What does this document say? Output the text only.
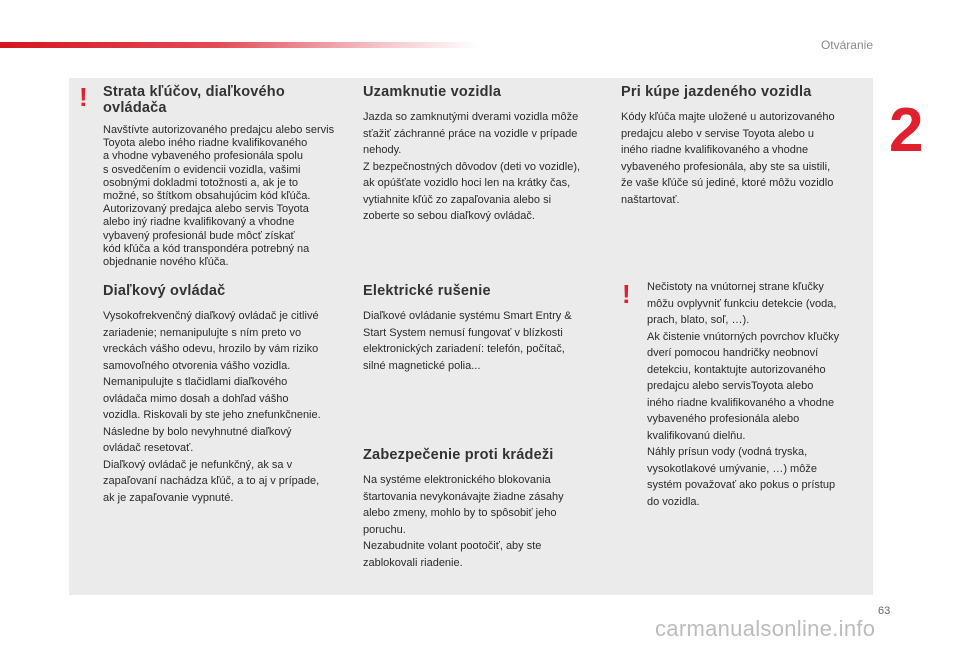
Otváranie
2
! Strata kľúčov, diaľkového
ovládača

Navštívte autorizovaného predajcu alebo servis
Toyota alebo iného riadne kvalifikovaného
a vhodne vybaveného profesionála spolu
s osvedčením o evidencii vozidla, vašimi
osobnými dokladmi totožnosti a, ak je to
možné, so štítkom obsahujúcim kód kľúča.
Autorizovaný predajca alebo servis Toyota
alebo iný riadne kvalifikovaný a vhodne
vybavený profesionál bude môcť získať
kód kľúča a kód transpondéra potrebný na
objednanie nového kľúča.

Diaľkový ovládač

Vysokofrekvenčný diaľkový ovládač je citlivé
zariadenie; nemanipulujte s ním preto vo
vreckách vášho odevu, hrozilo by vám riziko
samovoľného otvorenia vášho vozidla.
Nemanipulujte s tlačidlami diaľkového
ovládača mimo dosah a dohľad vášho
vozidla. Riskovali by ste jeho znefunkčnenie.
Následne by bolo nevyhnutné diaľkový
ovládač resetovať.
Diaľkový ovládač je nefunkčný, ak sa v
zapaľovaní nachádza kľúč, a to aj v prípade,
ak je zapaľovanie vypnuté.

Uzamknutie vozidla

Jazda so zamknutými dverami vozidla môže
sťažiť záchranné práce na vozidle v prípade
nehody.
Z bezpečnostných dôvodov (deti vo vozidle),
ak opúšťate vozidlo hoci len na krátky čas,
vytiahnite kľúč zo zapaľovania alebo si
zoberte so sebou diaľkový ovládač.

Elektrické rušenie

Diaľkové ovládanie systému Smart Entry &
Start System nemusí fungovať v blízkosti
elektronických zariadení: telefón, počítač,
silné magnetické polia...

Zabezpečenie proti krádeži

Na systéme elektronického blokovania
štartovania nevykonávajte žiadne zásahy
alebo zmeny, mohlo by to spôsobiť jeho
poruchu.
Nezabudnite volant pootočiť, aby ste
zablokovali riadenie.

Pri kúpe jazdeného vozidla

Kódy kľúča majte uložené u autorizovaného
predajcu alebo v servise Toyota alebo u
iného riadne kvalifikovaného a vhodne
vybaveného profesionála, aby ste sa uistili,
že vaše kľúče sú jediné, ktoré môžu vozidlo
naštartovať.

! Nečistoty na vnútornej strane kľučky
môžu ovplyvniť funkciu detekcie (voda,
prach, blato, soľ, …).
Ak čistenie vnútorných povrchov kľučky
dverí pomocou handričky neobnoví
detekciu, kontaktujte autorizovaného
predajcu alebo servisToyota alebo
iného riadne kvalifikovaného a vhodne
vybaveného profesionála alebo
kvalifikovanú dielňu.
Náhly prísun vody (vodná tryska,
vysokotlakové umývanie, …) môže
systém považovať ako pokus o prístup
do vozidla.

63
carmanualsonline.info
